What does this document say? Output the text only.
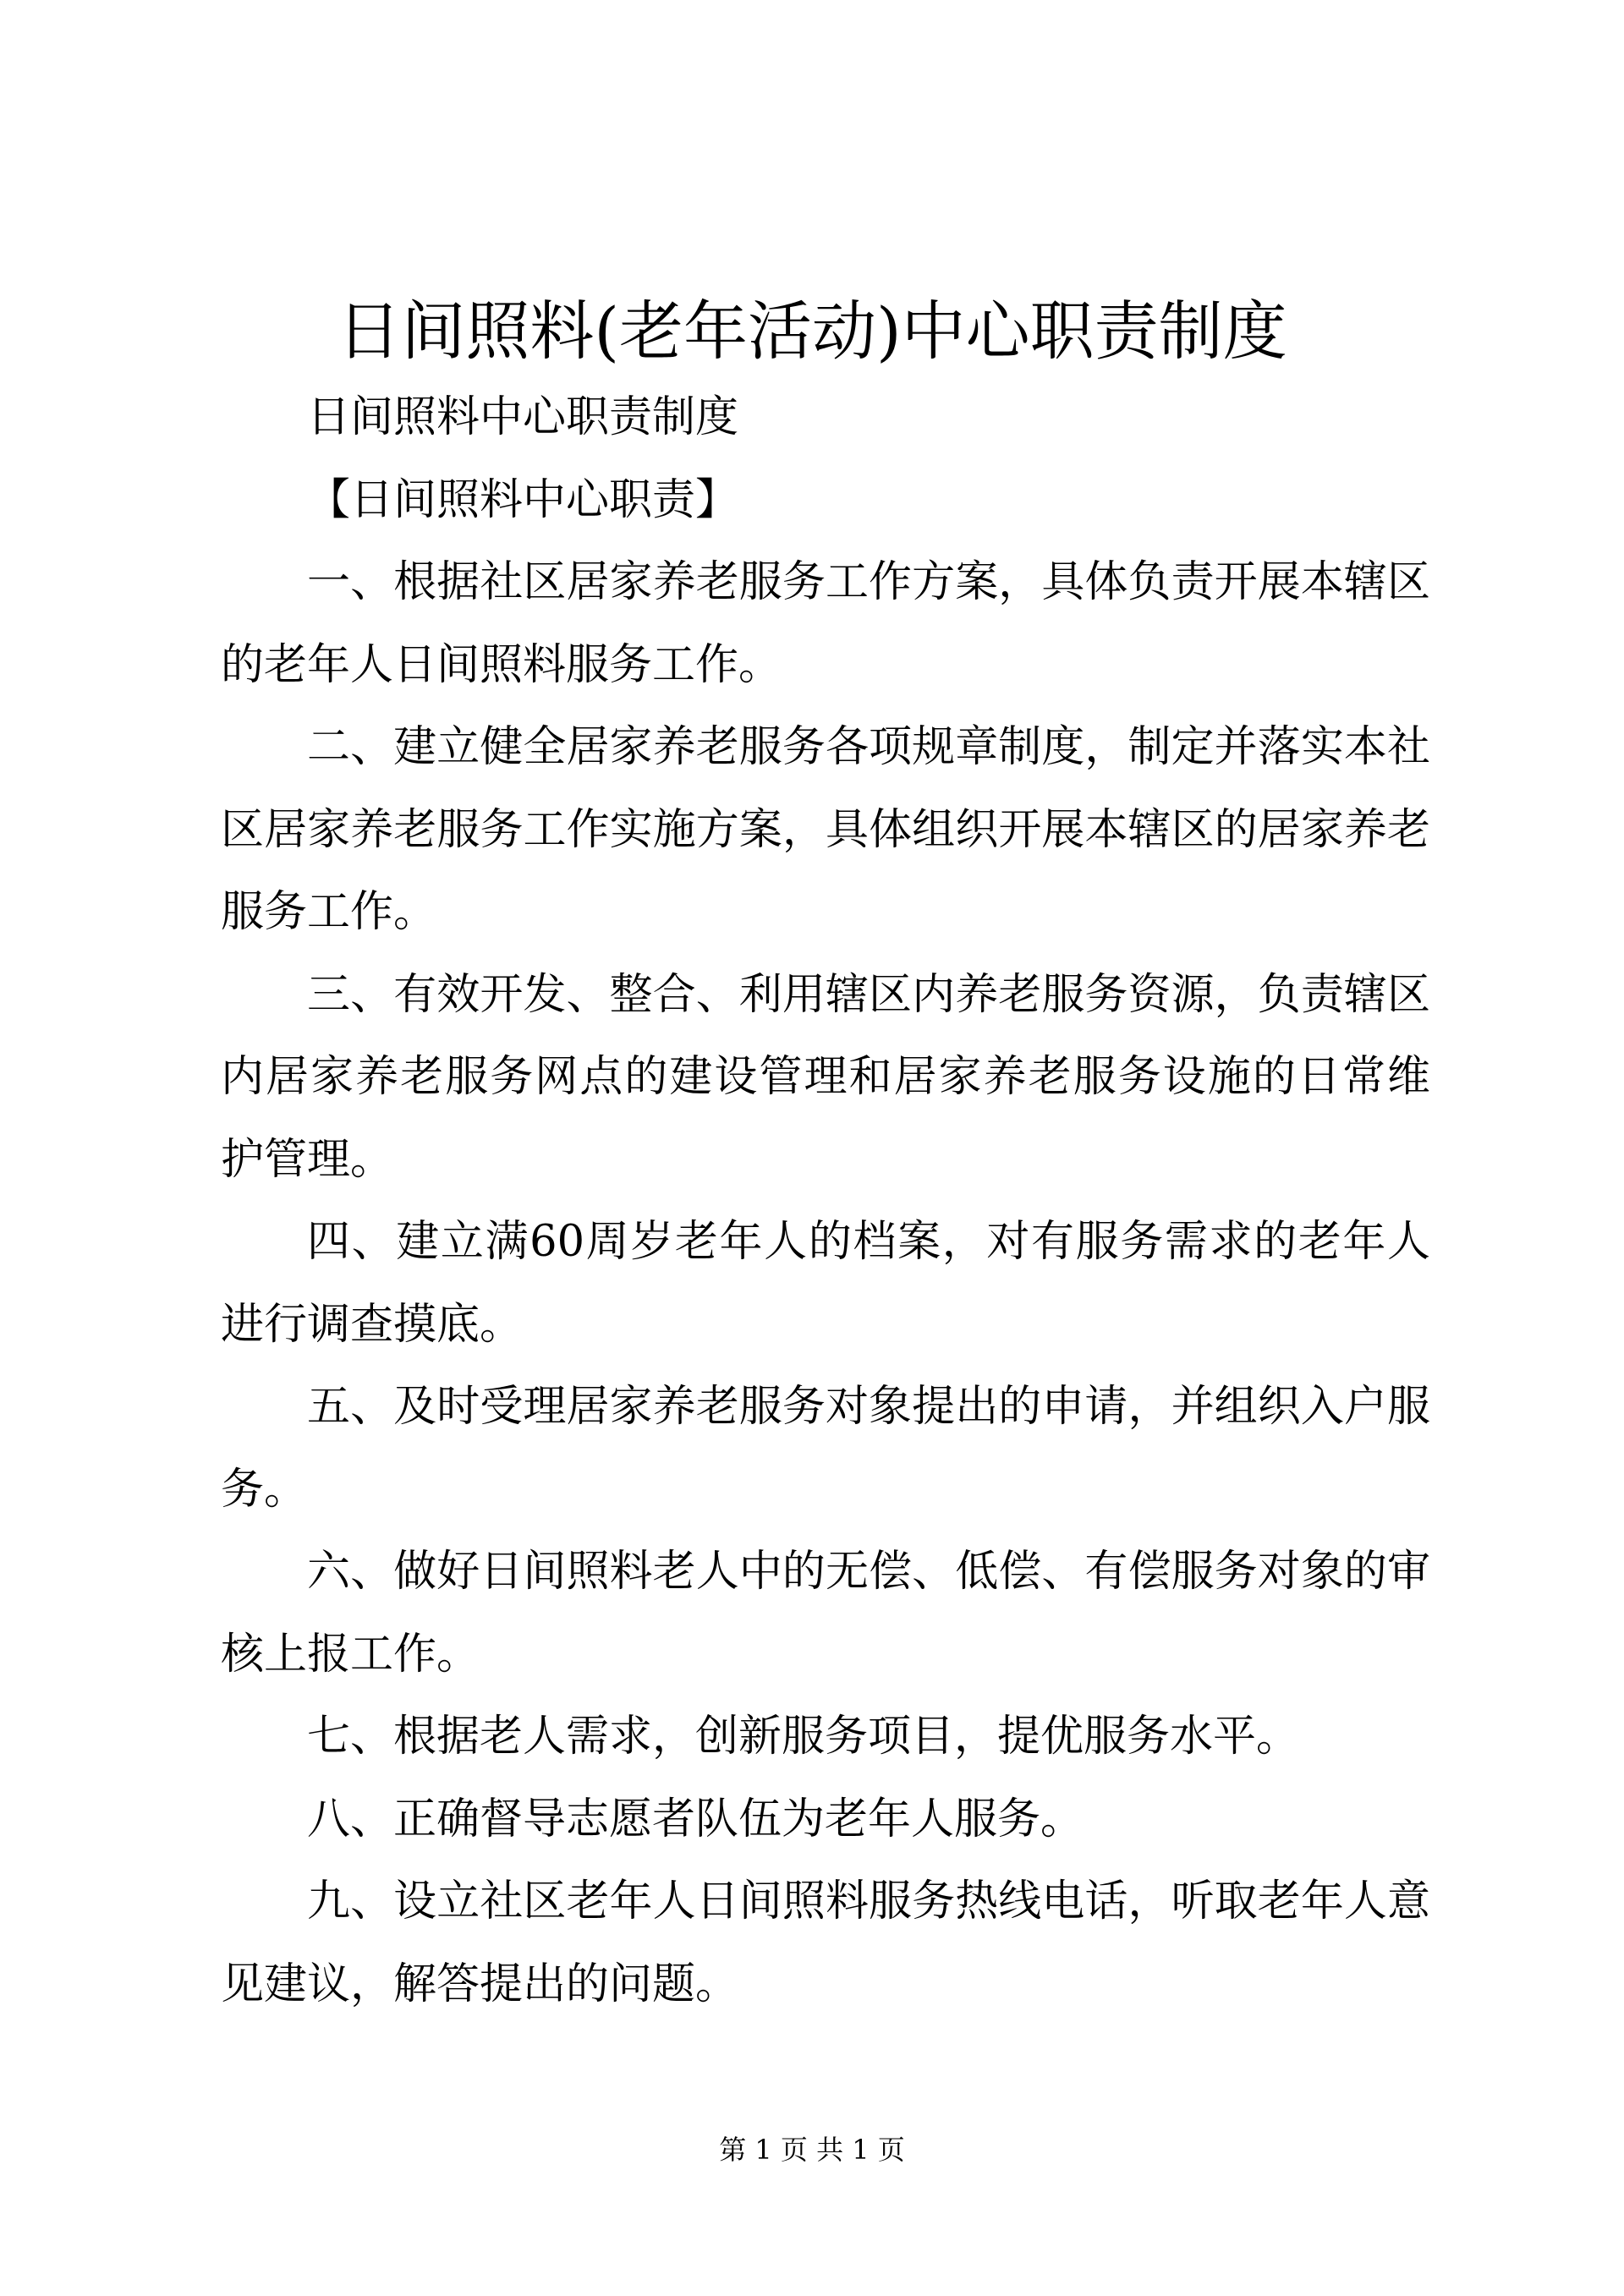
日间照料(老年活动)中心职责制度
日间照料中心职责制度
【日间照料中心职责】
一、根据社区居家养老服务工作方案，具体负责开展本辖区
的老年人日间照料服务工作。
二、建立健全居家养老服务各项规章制度，制定并落实本社
区居家养老服务工作实施方案，具体组织开展本辖区的居家养老
服务工作。
三、有效开发、整合、利用辖区内养老服务资源，负责辖区
内居家养老服务网点的建设管理和居家养老服务设施的日常维
护管理。
四、建立满60周岁老年人的档案，对有服务需求的老年人
进行调查摸底。
五、及时受理居家养老服务对象提出的申请，并组织入户服
务。
六、做好日间照料老人中的无偿、低偿、有偿服务对象的审
核上报工作。
七、根据老人需求，创新服务项目，提优服务水平。
八、正确督导志愿者队伍为老年人服务。
九、设立社区老年人日间照料服务热线电话，听取老年人意
见建议，解答提出的问题。
第 1 页 共 1 页
